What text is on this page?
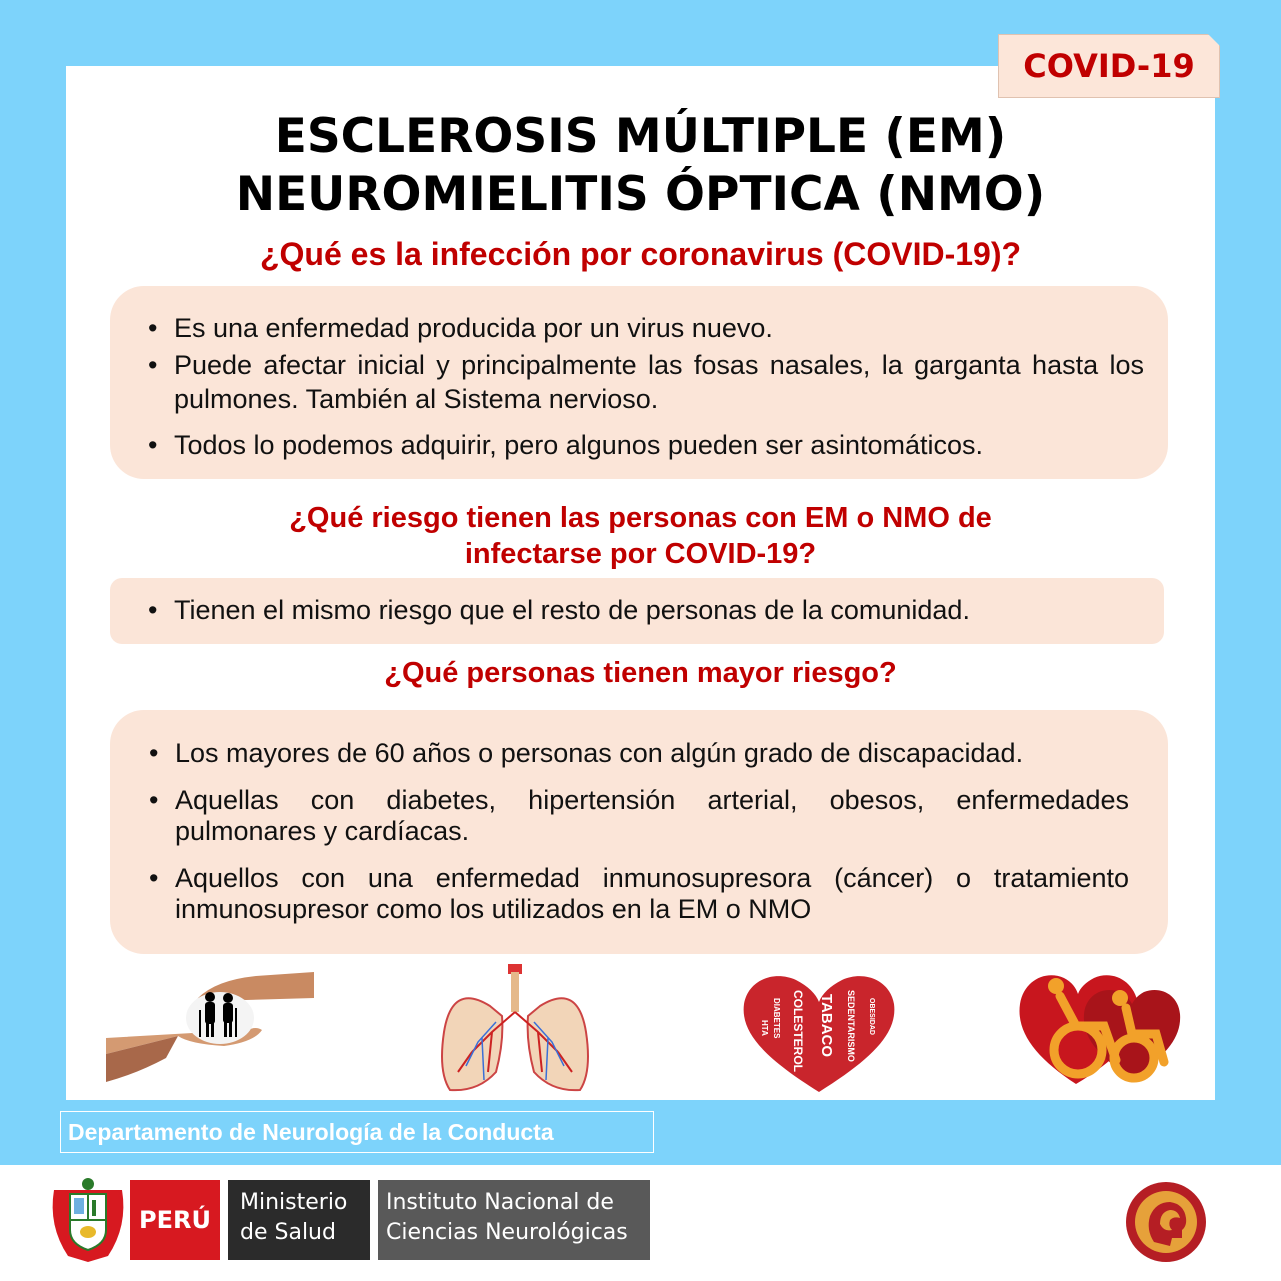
COVID-19
ESCLEROSIS MÚLTIPLE (EM)
NEUROMIELITIS ÓPTICA (NMO)
¿Qué es la infección por coronavirus (COVID-19)?
• Es una enfermedad producida por un virus nuevo.
• Puede afectar inicial y principalmente las fosas nasales, la garganta hasta los pulmones. También al Sistema nervioso.
• Todos lo podemos adquirir, pero algunos pueden ser asintomáticos.
¿Qué riesgo tienen las personas con EM o NMO de
infectarse por COVID-19?
• Tienen el mismo riesgo que el resto de personas de la comunidad.
¿Qué personas tienen mayor riesgo?
• Los mayores de 60 años o personas con algún grado de discapacidad.
• Aquellas con diabetes, hipertensión arterial, obesos, enfermedades pulmonares y cardíacas.
• Aquellos con una enfermedad inmunosupresora (cáncer) o tratamiento inmunosupresor como los utilizados en la EM o NMO
HTA DIABETES COLESTEROL TABACO SEDENTARISMO OBESIDAD
Departamento de Neurología de la Conducta
PERÚ
Ministerio
de Salud
Instituto Nacional de
Ciencias Neurológicas
